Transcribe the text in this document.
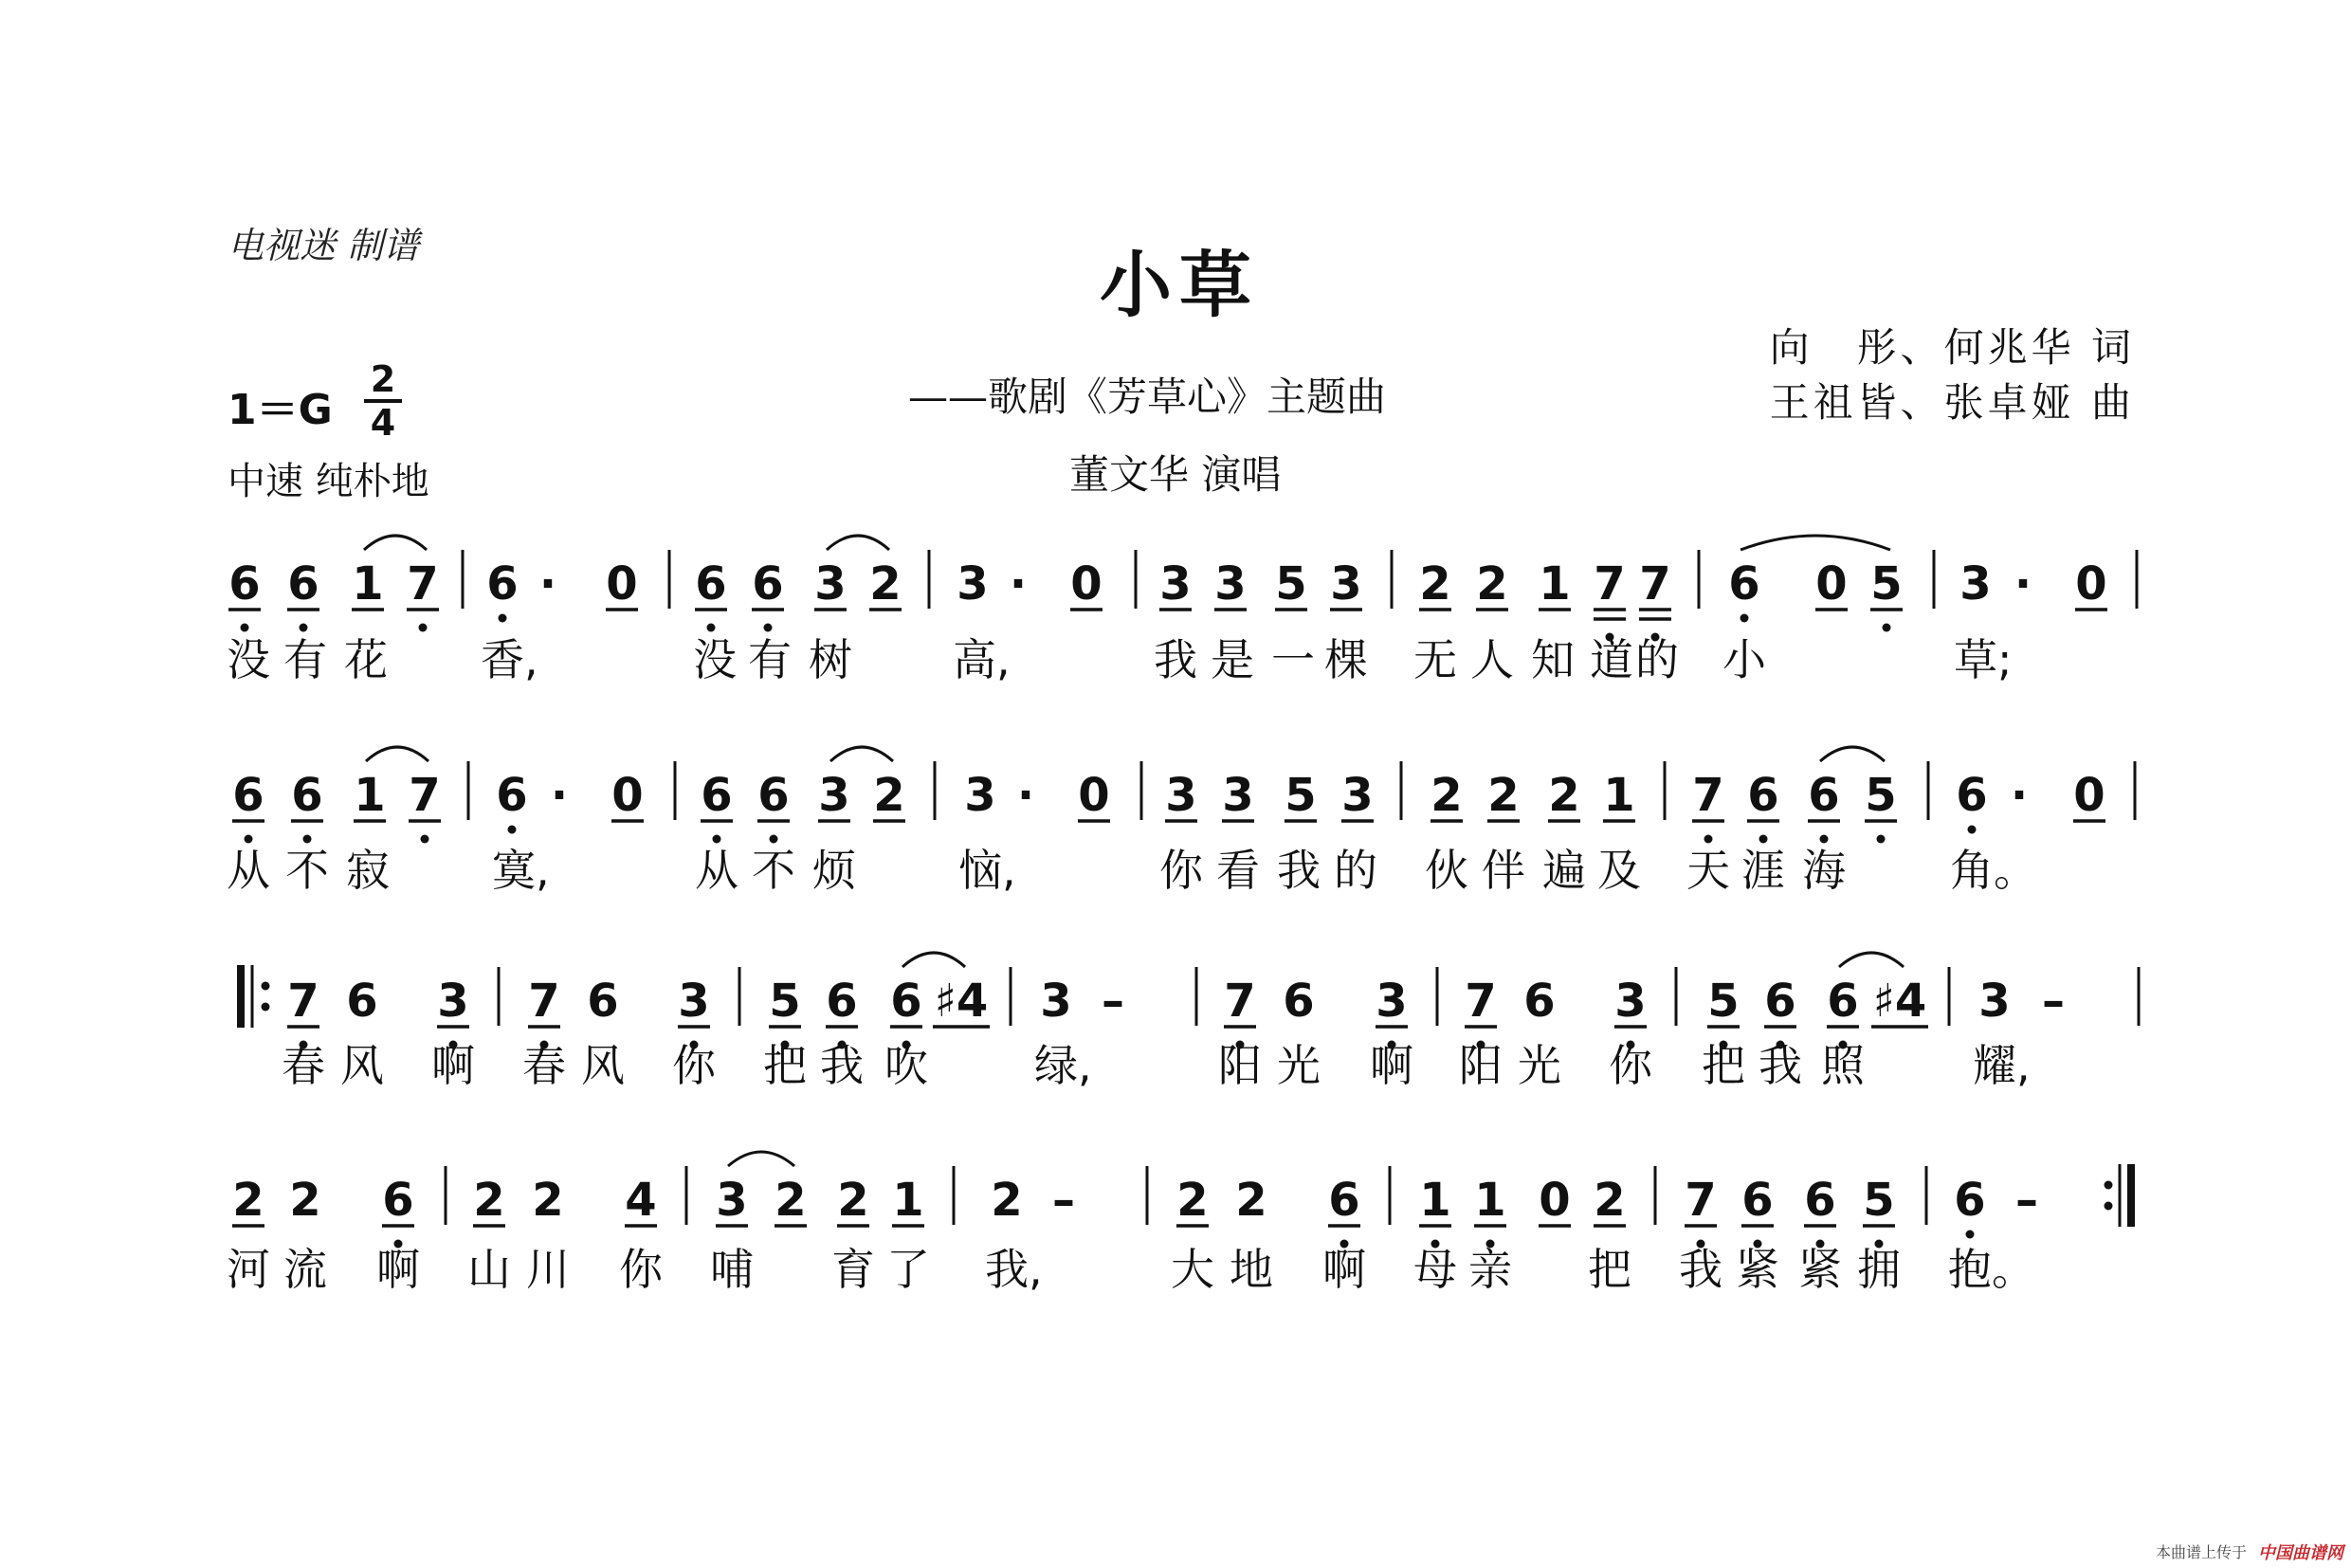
电视迷 制谱	小草
——歌剧《芳草心》主题曲
董文华 演唱
向　彤、何兆华 词
王祖皆、张卓娅 曲
1＝G
2
4
中速 纯朴地
6 6 1 7 6 · 0 6 6 3 2 3 · 0 3 3 5 3 2 2 1 7 7 6 0 5 3 · 0
没 有 花 香,	没 有 树 高,	我 是 一 棵 无 人 知 道 的 小	草;
6 6 1 7 6 · 0 6 6 3 2 3 · 0 3 3 5 3 2 2 2 1 7 6 6 5 6 · 0
从 不 寂 寞,	从 不 烦 恼,	你 看 我 的 伙 伴 遍 及 天 涯 海 角。
7 6 3 7 6 3 5 6 6 ♯4 3 – 7 6 3 7 6 3 5 6 6 ♯4 3 –
春 风 啊 春 风 你 把 我 吹 绿,	阳 光 啊 阳 光 你 把 我 照 耀,
2 2 6 2 2 4 3 2 2 1 2 – 2 2 6 1 1 0 2 7 6 6 5 6 –
河 流 啊 山 川 你 哺 育 了 我,	大 地 啊 母 亲 把 我 紧 紧 拥 抱。
本曲谱上传于 中国曲谱网
